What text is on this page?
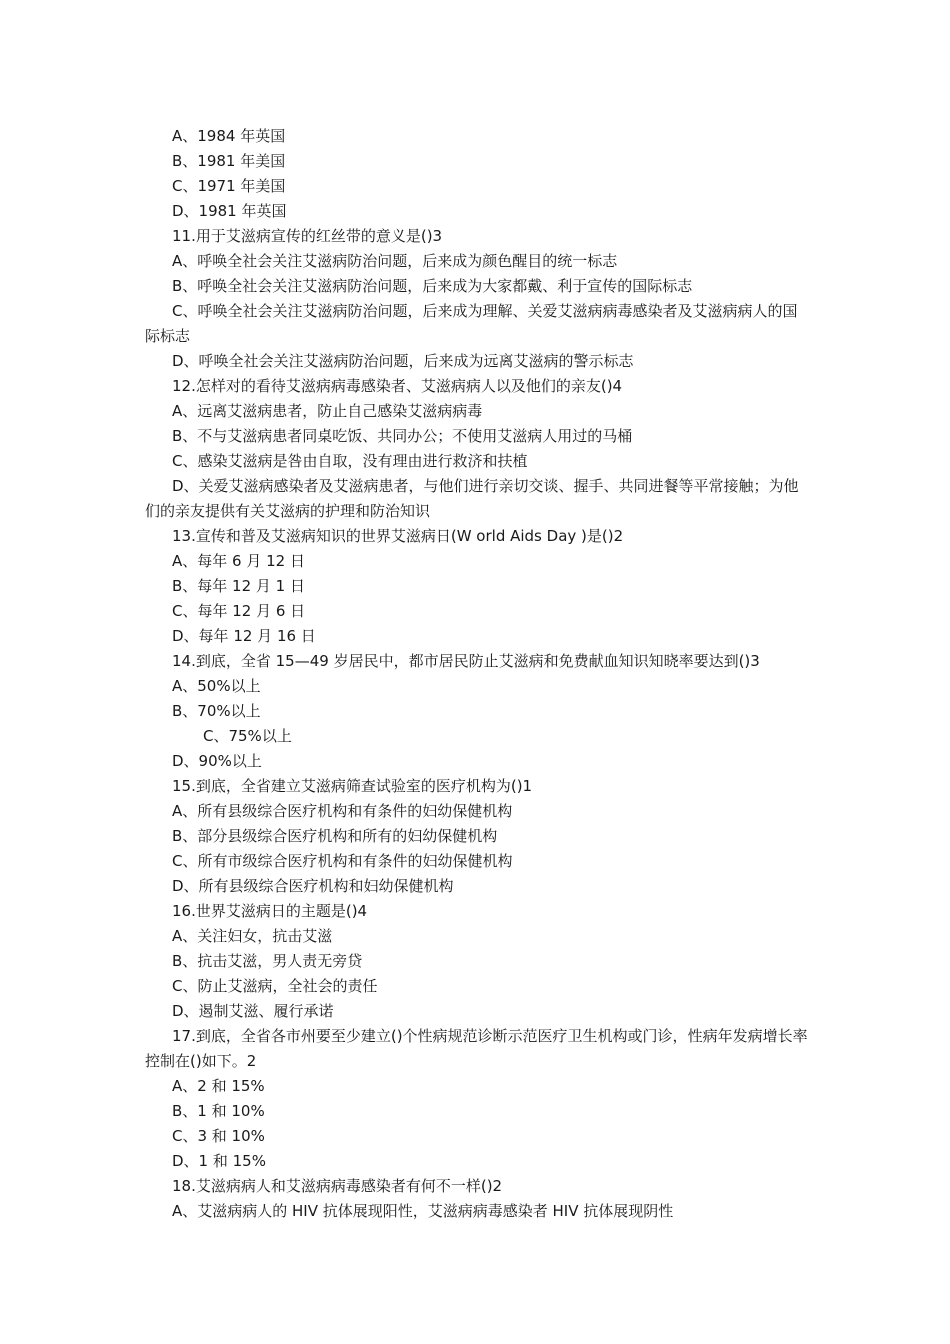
A、1984 年英国
B、1981 年美国
C、1971 年美国
D、1981 年英国
11.用于艾滋病宣传的红丝带的意义是()3
A、呼唤全社会关注艾滋病防治问题，后来成为颜色醒目的统一标志
B、呼唤全社会关注艾滋病防治问题，后来成为大家都戴、利于宣传的国际标志
C、呼唤全社会关注艾滋病防治问题，后来成为理解、关爱艾滋病病毒感染者及艾滋病病人的国际标志
D、呼唤全社会关注艾滋病防治问题，后来成为远离艾滋病的警示标志
12.怎样对的看待艾滋病病毒感染者、艾滋病病人以及他们的亲友()4
A、远离艾滋病患者，防止自己感染艾滋病病毒
B、不与艾滋病患者同桌吃饭、共同办公；不使用艾滋病人用过的马桶
C、感染艾滋病是咎由自取，没有理由进行救济和扶植
D、关爱艾滋病感染者及艾滋病患者，与他们进行亲切交谈、握手、共同进餐等平常接触；为他们的亲友提供有关艾滋病的护理和防治知识
13.宣传和普及艾滋病知识的世界艾滋病日(W orld Aids Day )是()2
A、每年 6 月 12 日
B、每年 12 月 1 日
C、每年 12 月 6 日
D、每年 12 月 16 日
14.到底，全省 15—49 岁居民中，都市居民防止艾滋病和免费献血知识知晓率要达到()3
A、50%以上
B、70%以上
C、75%以上
D、90%以上
15.到底，全省建立艾滋病筛查试验室的医疗机构为()1
A、所有县级综合医疗机构和有条件的妇幼保健机构
B、部分县级综合医疗机构和所有的妇幼保健机构
C、所有市级综合医疗机构和有条件的妇幼保健机构
D、所有县级综合医疗机构和妇幼保健机构
16.世界艾滋病日的主题是()4
A、关注妇女，抗击艾滋
B、抗击艾滋，男人责无旁贷
C、防止艾滋病，全社会的责任
D、遏制艾滋、履行承诺
17.到底，全省各市州要至少建立()个性病规范诊断示范医疗卫生机构或门诊，性病年发病增长率控制在()如下。2
A、2 和 15%
B、1 和 10%
C、3 和 10%
D、1 和 15%
18.艾滋病病人和艾滋病病毒感染者有何不一样()2
A、艾滋病病人的 HIV 抗体展现阳性，艾滋病病毒感染者 HIV 抗体展现阴性
